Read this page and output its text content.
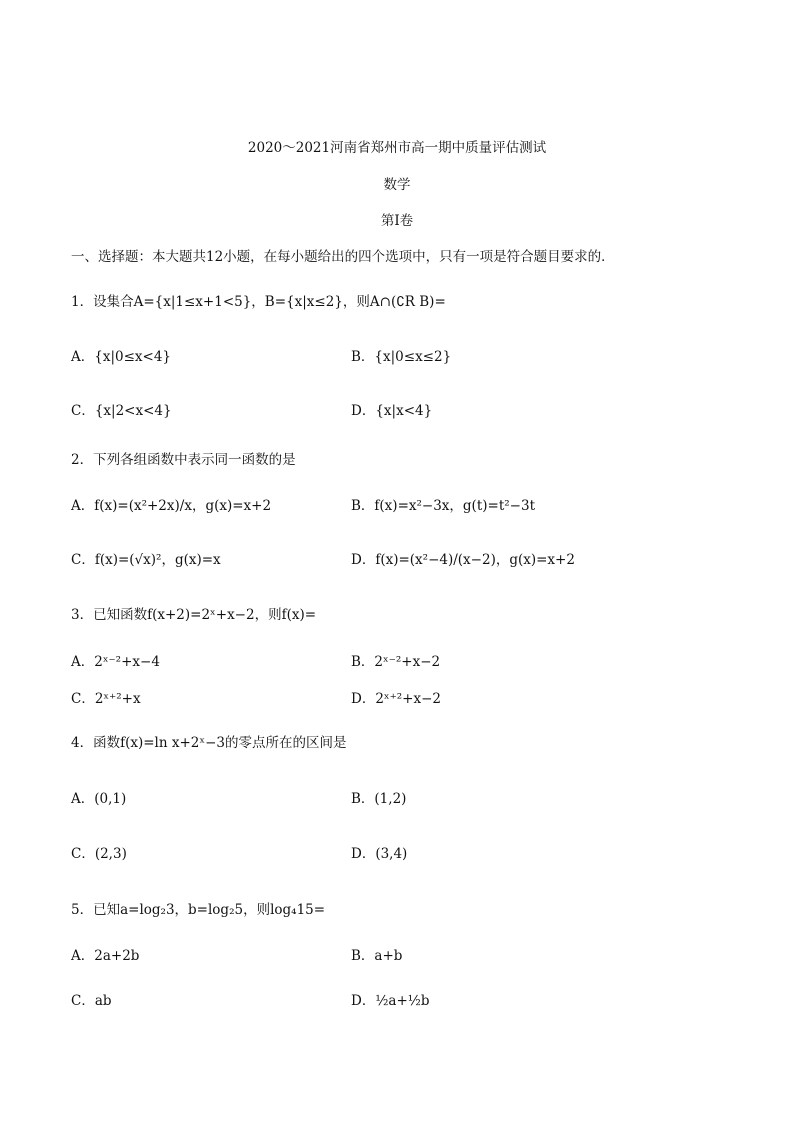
2020～2021河南省郑州市高一期中质量评估测试
数学
第Ⅰ卷
一、选择题：本大题共12小题，在每小题给出的四个选项中，只有一项是符合题目要求的．
1．设集合A={x|1≤x+1<5}，B={x|x≤2}，则A∩(∁R B)=
A．{x|0≤x<4}	B．{x|0≤x≤2}
C．{x|2<x<4}	D．{x|x<4}
2．下列各组函数中表示同一函数的是
A．f(x)=(x²+2x)/x，g(x)=x+2	B．f(x)=x²−3x，g(t)=t²−3t
C．f(x)=(√x)²，g(x)=x	D．f(x)=(x²−4)/(x−2)，g(x)=x+2
3．已知函数f(x+2)=2ˣ+x−2，则f(x)=
A．2ˣ⁻²+x−4	B．2ˣ⁻²+x−2
C．2ˣ⁺²+x	D．2ˣ⁺²+x−2
4．函数f(x)=ln x+2ˣ−3的零点所在的区间是
A．(0,1)	B．(1,2)
C．(2,3)	D．(3,4)
5．已知a=log₂3，b=log₂5，则log₄15=
A．2a+2b	B．a+b
C．ab	D．½a+½b
